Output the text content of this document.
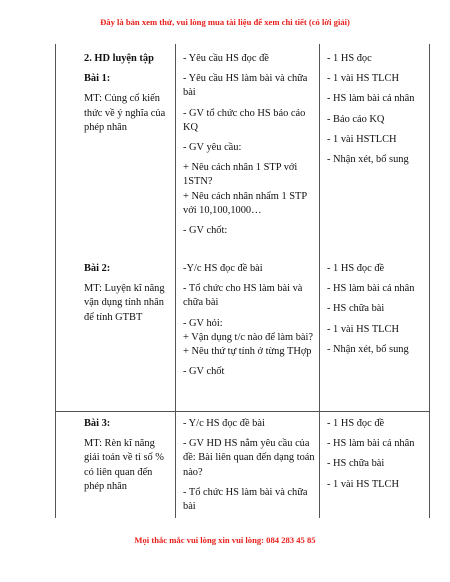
Đây là bản xem thử, vui lòng mua tài liệu để xem chi tiết (có lời giải)

2. HD luyện tập

Bài 1:

MT: Củng cố kiến thức về ý nghĩa của phép nhân

Bài 2:

MT: Luyện kĩ năng vận dụng tính nhân để tính GTBT

- Yêu cầu HS đọc đề

- Yêu cầu HS làm bài và chữa bài

- GV tổ chức cho HS báo cáo KQ

- GV yêu cầu:

+ Nêu cách nhân 1 STP với 1STN?

+ Nêu cách nhân nhẩm 1 STP với 10,100,1000…

- GV chốt:

-Y/c HS đọc đề bài

- Tổ chức cho HS làm bài và chữa bài

- GV hỏi:

+ Vận dụng t/c nào để làm bài?

+ Nêu thứ tự tính ở từng THợp

- GV chốt

- 1 HS đọc

- 1 vài HS TLCH

- HS làm bài cá nhân

- Báo cáo KQ

- 1 vài HSTLCH

- Nhận xét, bổ sung

- 1 HS đọc đề

- HS làm bài cá nhân

- HS chữa bài

- 1 vài HS TLCH

- Nhận xét, bổ sung

Bài 3:

MT: Rèn kĩ năng giải toán về tỉ số % có liên quan đến phép nhân

- Y/c HS đọc đề bài

- GV HD HS nắm yêu cầu của đề: Bài liên quan đến dạng toán nào?

- Tổ chức HS làm bài và chữa bài

- 1 HS đọc đề

- HS làm bài cá nhân

- HS chữa bài

- 1 vài HS TLCH

Mọi thắc mắc vui lòng xin vui lòng: 084 283 45 85
